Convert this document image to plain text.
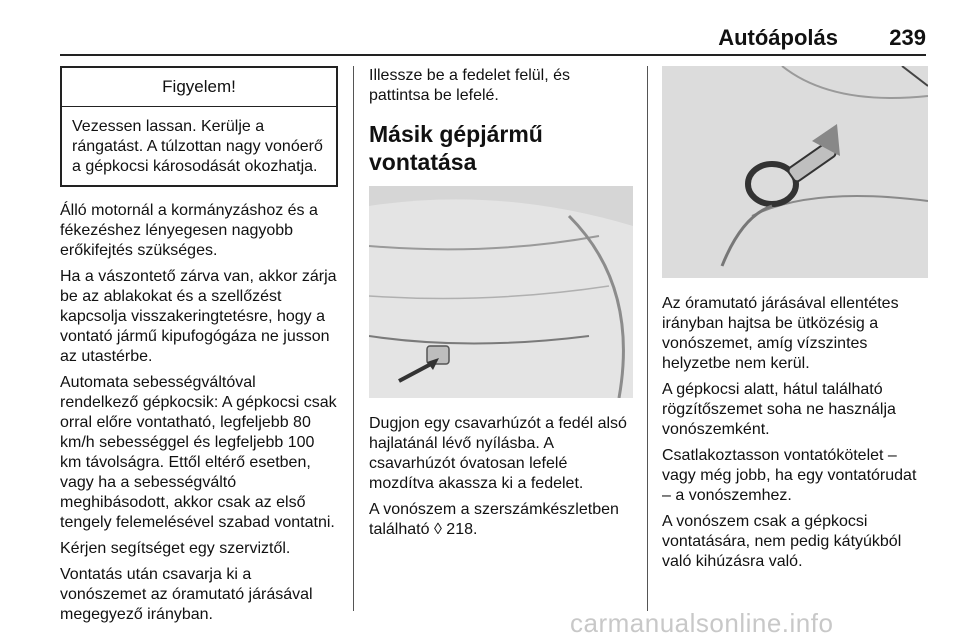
Autóápolás 239
Figyelem!
Vezessen lassan. Kerülje a rángatást. A túlzottan nagy vonóerő a gépkocsi károsodását okozhatja.

Álló motornál a kormányzáshoz és a fékezéshez lényegesen nagyobb erőkifejtés szükséges.

Ha a vászontető zárva van, akkor zárja be az ablakokat és a szellőzést kapcsolja visszakeringtetésre, hogy a vontató jármű kipufogógáza ne jusson az utastérbe.

Automata sebességváltóval rendelkező gépkocsik: A gépkocsi csak orral előre vontatható, legfeljebb 80 km/h sebességgel és legfeljebb 100 km távolságra. Ettől eltérő esetben, vagy ha a sebességváltó meghibásodott, akkor csak az első tengely felemelésével szabad vontatni.

Kérjen segítséget egy szerviztől.

Vontatás után csavarja ki a vonószemet az óramutató járásával megegyező irányban.

Illessze be a fedelet felül, és pattintsa be lefelé.

Másik gépjármű vontatása

Dugjon egy csavarhúzót a fedél alsó hajlatánál lévő nyílásba. A csavarhúzót óvatosan lefelé mozdítva akassza ki a fedelet.

A vonószem a szerszámkészletben található ◊ 218.

Az óramutató járásával ellentétes irányban hajtsa be ütközésig a vonószemet, amíg vízszintes helyzetbe nem kerül.

A gépkocsi alatt, hátul található rögzítőszemet soha ne használja vonószemként.

Csatlakoztasson vontatókötelet – vagy még jobb, ha egy vontatórudat – a vonószemhez.

A vonószem csak a gépkocsi vontatására, nem pedig kátyúkból való kihúzásra való.

carmanualsonline.info
